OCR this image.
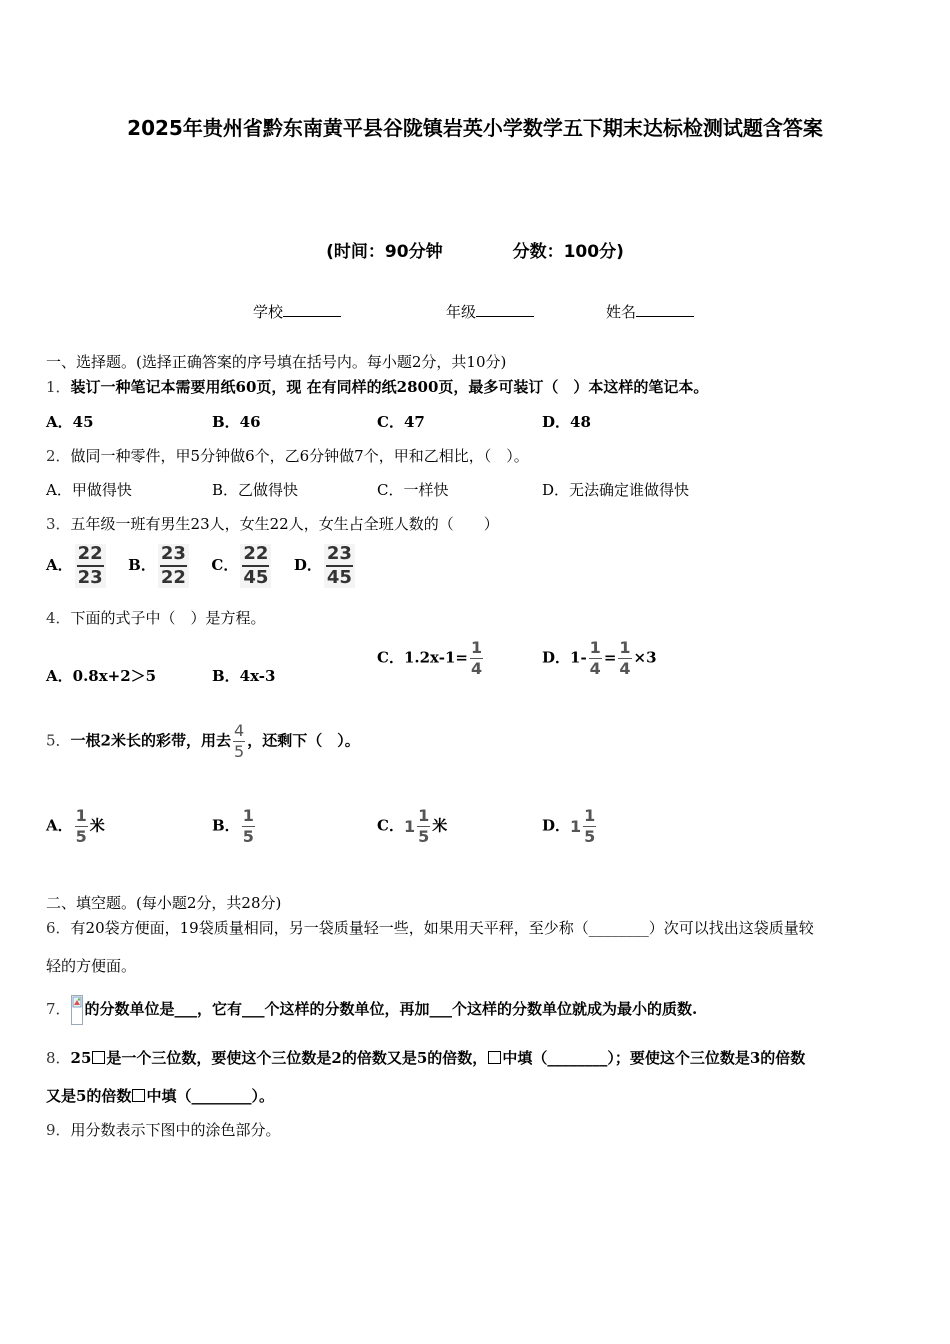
2025年贵州省黔东南黄平县谷陇镇岩英小学数学五下期末达标检测试题含答案
(时间：90分钟	分数：100分)
学校	年级	姓名
一、选择题。(选择正确答案的序号填在括号内。每小题2分，共10分)
1．装订一种笔记本需要用纸60页，现 在有同样的纸2800页，最多可装订（　）本这样的笔记本。
A．45	B．46	C．47	D．48
2．做同一种零件，甲5分钟做6个，乙6分钟做7个，甲和乙相比，（　）。
A．甲做得快	B．乙做得快	C．一样快	D．无法确定谁做得快
3．五年级一班有男生23人，女生22人，女生占全班人数的（　　）
A． $\frac{22}{23}$ B． $\frac{23}{22}$ C． $\frac{22}{45}$ D． $\frac{23}{45}$
4．下面的式子中（　）是方程。
A．0.8x+2＞5	B．4x-3
C．$1.2x-1= \frac{1}{4}$	D．$1- \frac{1}{4} = \frac{1}{4} \times 3$
5．一根2米长的彩带，用去 $\frac{4}{5}$ ，还剩下（　）。
A． $\frac{1}{5}$ 米	B． $\frac{1}{5}$	C．$1 \frac{1}{5}$ 米	D．$1 \frac{1}{5}$
二、填空题。(每小题2分，共28分)
6．有20袋方便面，19袋质量相同，另一袋质量轻一些，如果用天平秤，至少称（________）次可以找出这袋质量较
轻的方便面。
7． 的分数单位是___，它有___个这样的分数单位，再加___个这样的分数单位就成为最小的质数.
8．25 是一个三位数，要使这个三位数是2的倍数又是5的倍数， 中填（________）；要使这个三位数是3的倍数
又是5的倍数 中填（________）。
9．用分数表示下图中的涂色部分。
